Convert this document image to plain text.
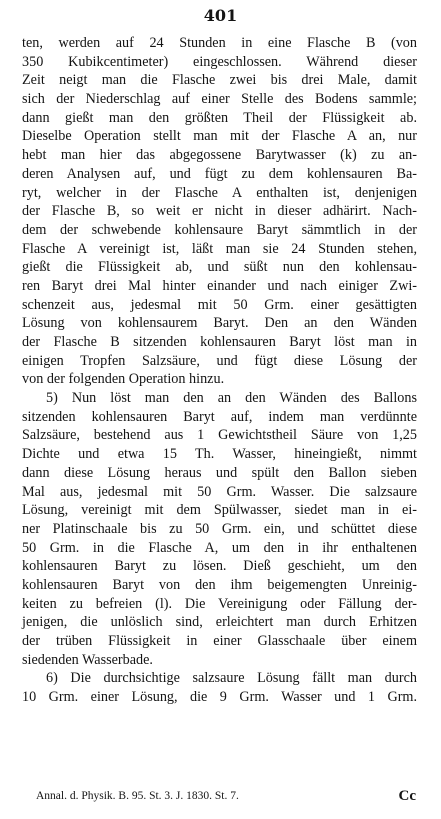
401
ten, werden auf 24 Stunden in eine Flasche B (von
350 Kubikcentimeter) eingeschlossen. Während dieser
Zeit neigt man die Flasche zwei bis drei Male, damit
sich der Niederschlag auf einer Stelle des Bodens sammle;
dann gießt man den größten Theil der Flüssigkeit ab.
Dieselbe Operation stellt man mit der Flasche A an, nur
hebt man hier das abgegossene Barytwasser (k) zu an-
deren Analysen auf, und fügt zu dem kohlensauren Ba-
ryt, welcher in der Flasche A enthalten ist, denjenigen
der Flasche B, so weit er nicht in dieser adhärirt. Nach-
dem der schwebende kohlensaure Baryt sämmtlich in der
Flasche A vereinigt ist, läßt man sie 24 Stunden stehen,
gießt die Flüssigkeit ab, und süßt nun den kohlensau-
ren Baryt drei Mal hinter einander und nach einiger Zwi-
schenzeit aus, jedesmal mit 50 Grm. einer gesättigten
Lösung von kohlensaurem Baryt. Den an den Wänden
der Flasche B sitzenden kohlensauren Baryt löst man in
einigen Tropfen Salzsäure, und fügt diese Lösung der
von der folgenden Operation hinzu.
5) Nun löst man den an den Wänden des Ballons
sitzenden kohlensauren Baryt auf, indem man verdünnte
Salzsäure, bestehend aus 1 Gewichtstheil Säure von 1,25
Dichte und etwa 15 Th. Wasser, hineingießt, nimmt
dann diese Lösung heraus und spült den Ballon sieben
Mal aus, jedesmal mit 50 Grm. Wasser. Die salzsaure
Lösung, vereinigt mit dem Spülwasser, siedet man in ei-
ner Platinschaale bis zu 50 Grm. ein, und schüttet diese
50 Grm. in die Flasche A, um den in ihr enthaltenen
kohlensauren Baryt zu lösen. Dieß geschieht, um den
kohlensauren Baryt von den ihm beigemengten Unreinig-
keiten zu befreien (l). Die Vereinigung oder Fällung der-
jenigen, die unlöslich sind, erleichtert man durch Erhitzen
der trüben Flüssigkeit in einer Glasschaale über einem
siedenden Wasserbade.
6) Die durchsichtige salzsaure Lösung fällt man durch
10 Grm. einer Lösung, die 9 Grm. Wasser und 1 Grm.
Annal. d. Physik. B. 95. St. 3. J. 1830. St. 7.	Cc
